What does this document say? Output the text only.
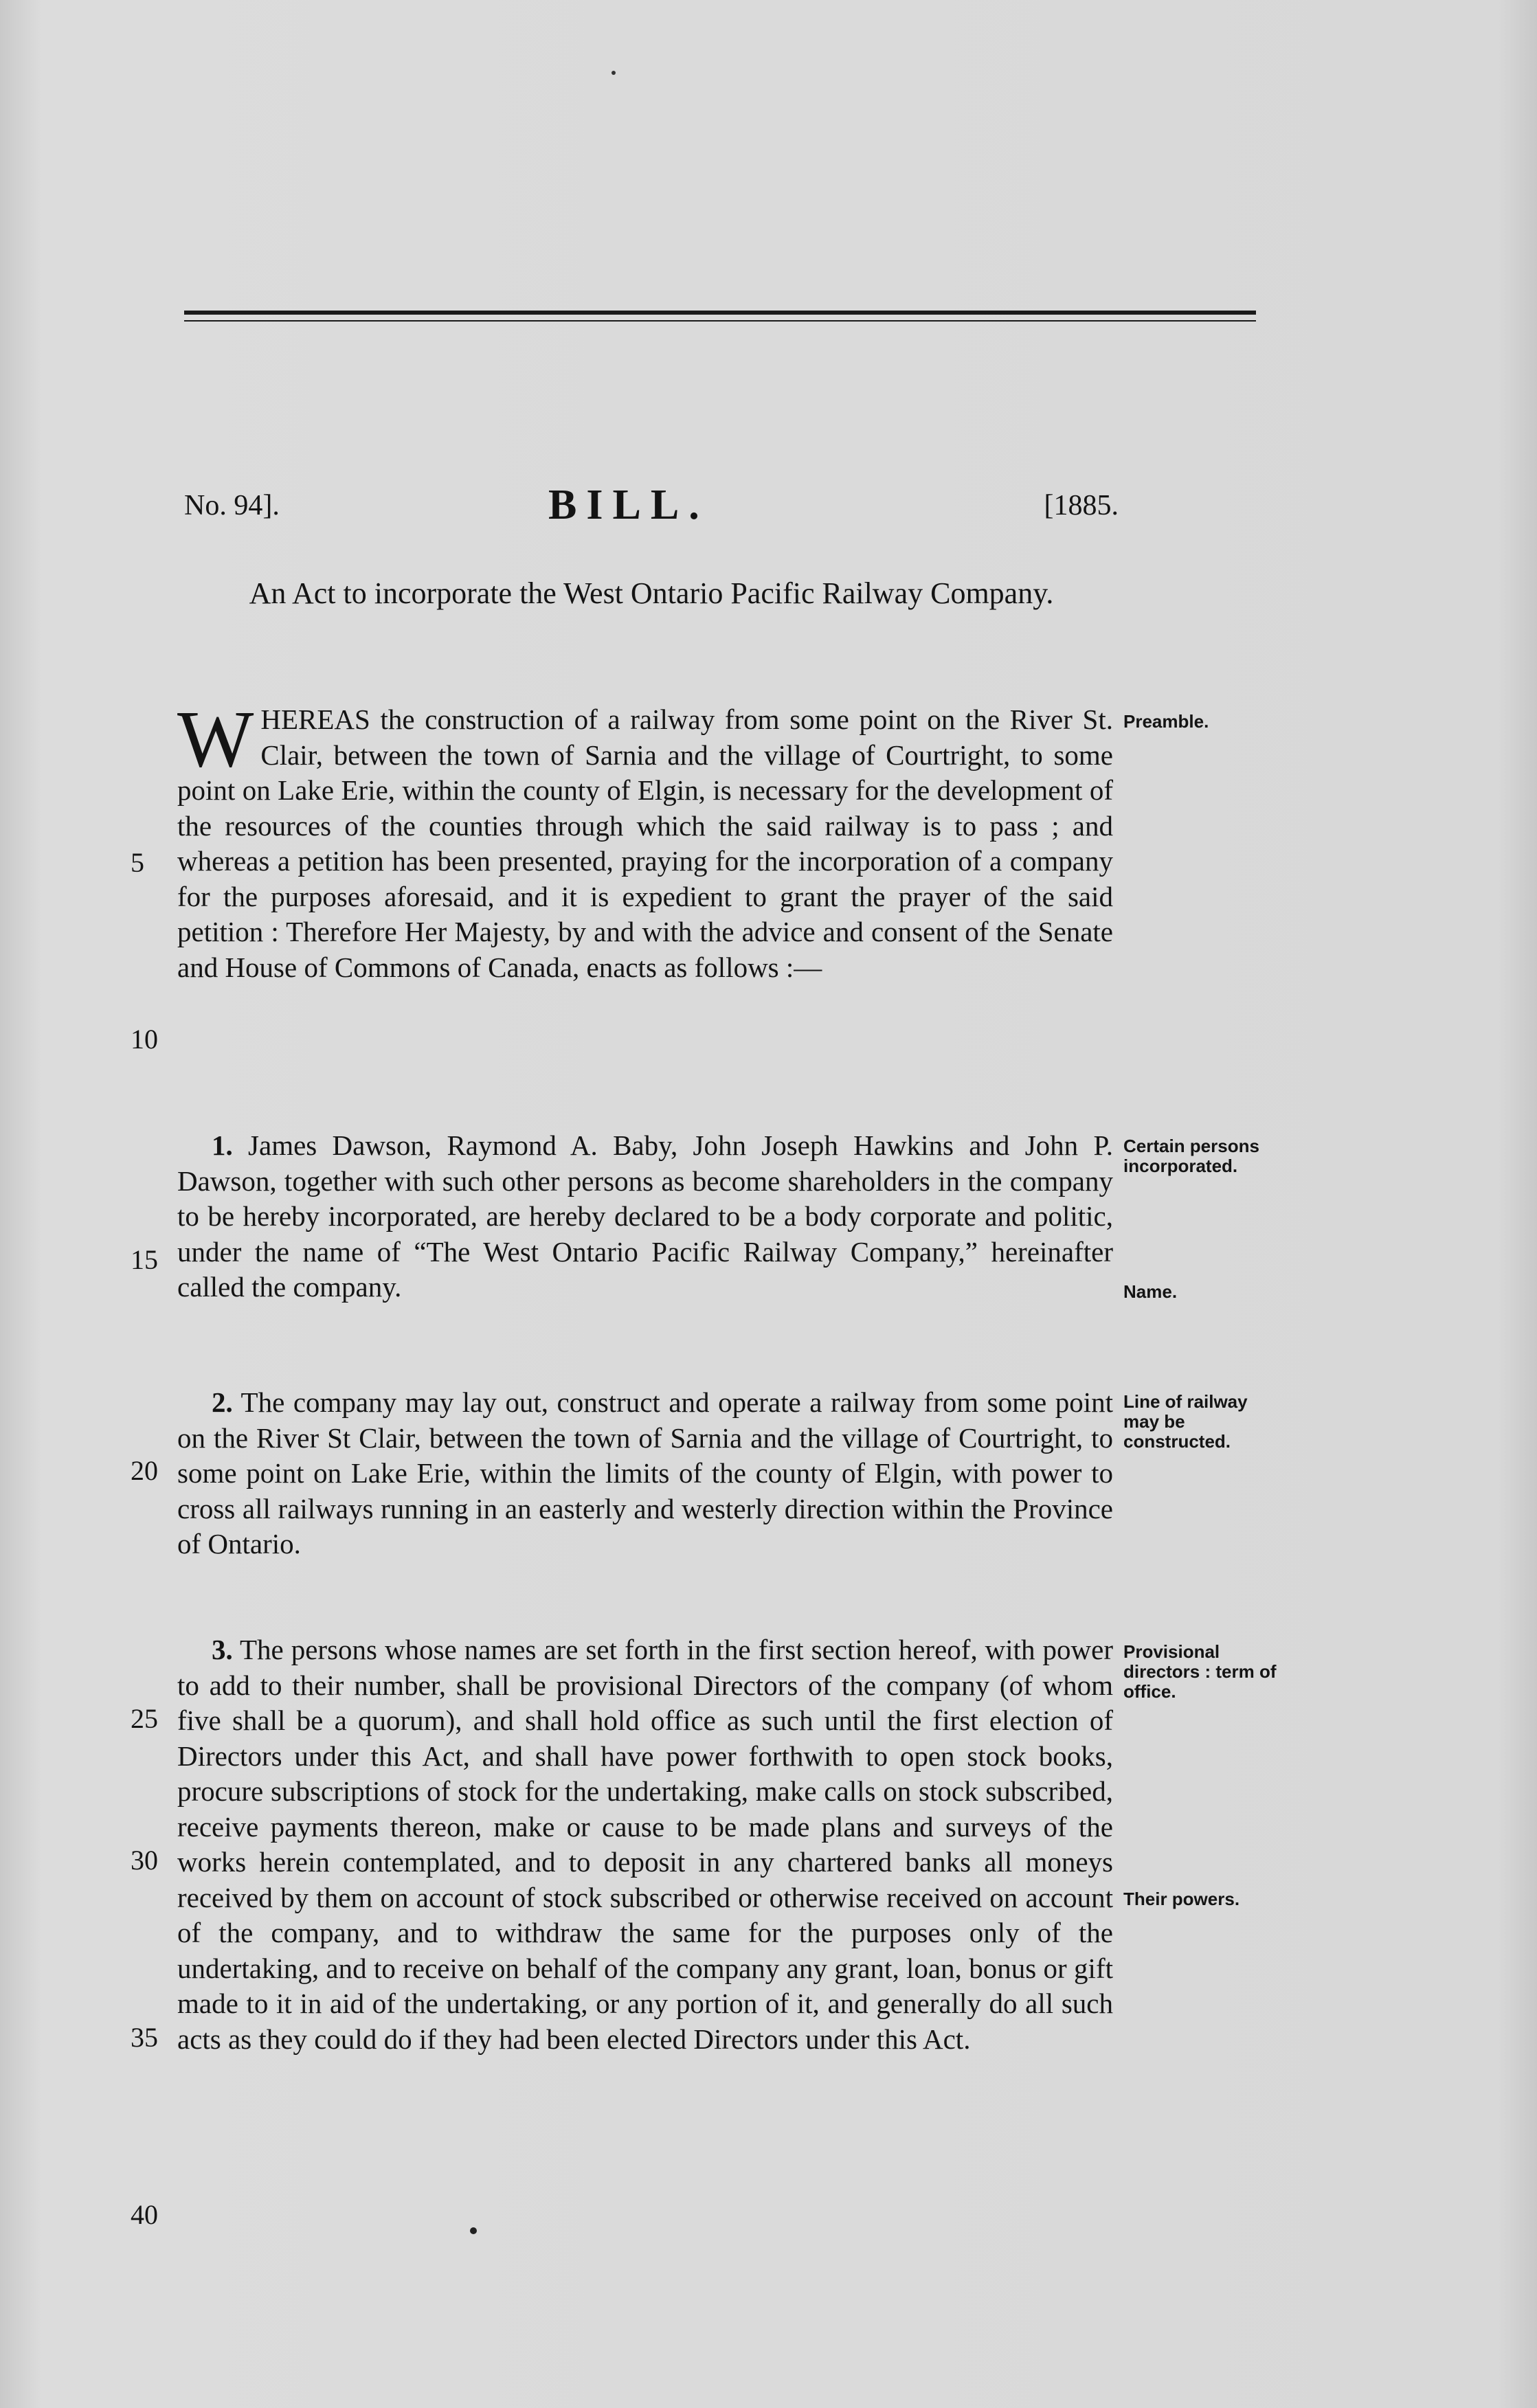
No. 94].	BILL.	[1885.
An Act to incorporate the West Ontario Pacific Railway Company.
WHEREAS the construction of a railway from some point on the River St. Clair, between the town of Sarnia and the village of Courtright, to some point on Lake Erie, within the county of Elgin, is necessary for the development of the resources of the counties through which the said railway is to pass ; and whereas a petition has been presented, praying for the incorporation of a company for the purposes aforesaid, and it is expedient to grant the prayer of the said petition : Therefore Her Majesty, by and with the advice and consent of the Senate and House of Commons of Canada, enacts as follows :—
1. James Dawson, Raymond A. Baby, John Joseph Hawkins and John P. Dawson, together with such other persons as become shareholders in the company to be hereby incorporated, are hereby declared to be a body corporate and politic, under the name of “The West Ontario Pacific Railway Company,” hereinafter called the company.
2. The company may lay out, construct and operate a railway from some point on the River St Clair, between the town of Sarnia and the village of Courtright, to some point on Lake Erie, within the limits of the county of Elgin, with power to cross all railways running in an easterly and westerly direction within the Province of Ontario.
3. The persons whose names are set forth in the first section hereof, with power to add to their number, shall be provisional Directors of the company (of whom five shall be a quorum), and shall hold office as such until the first election of Directors under this Act, and shall have power forthwith to open stock books, procure subscriptions of stock for the undertaking, make calls on stock subscribed, receive payments thereon, make or cause to be made plans and surveys of the works herein contemplated, and to deposit in any chartered banks all moneys received by them on account of stock subscribed or otherwise received on account of the company, and to withdraw the same for the purposes only of the undertaking, and to receive on behalf of the company any grant, loan, bonus or gift made to it in aid of the undertaking, or any portion of it, and generally do all such acts as they could do if they had been elected Directors under this Act.
5
10
15
20
25
30
35
40
Preamble.
Certain persons incorporated.
Name.
Line of railway may be constructed.
Provisional directors : term of office.
Their powers.
